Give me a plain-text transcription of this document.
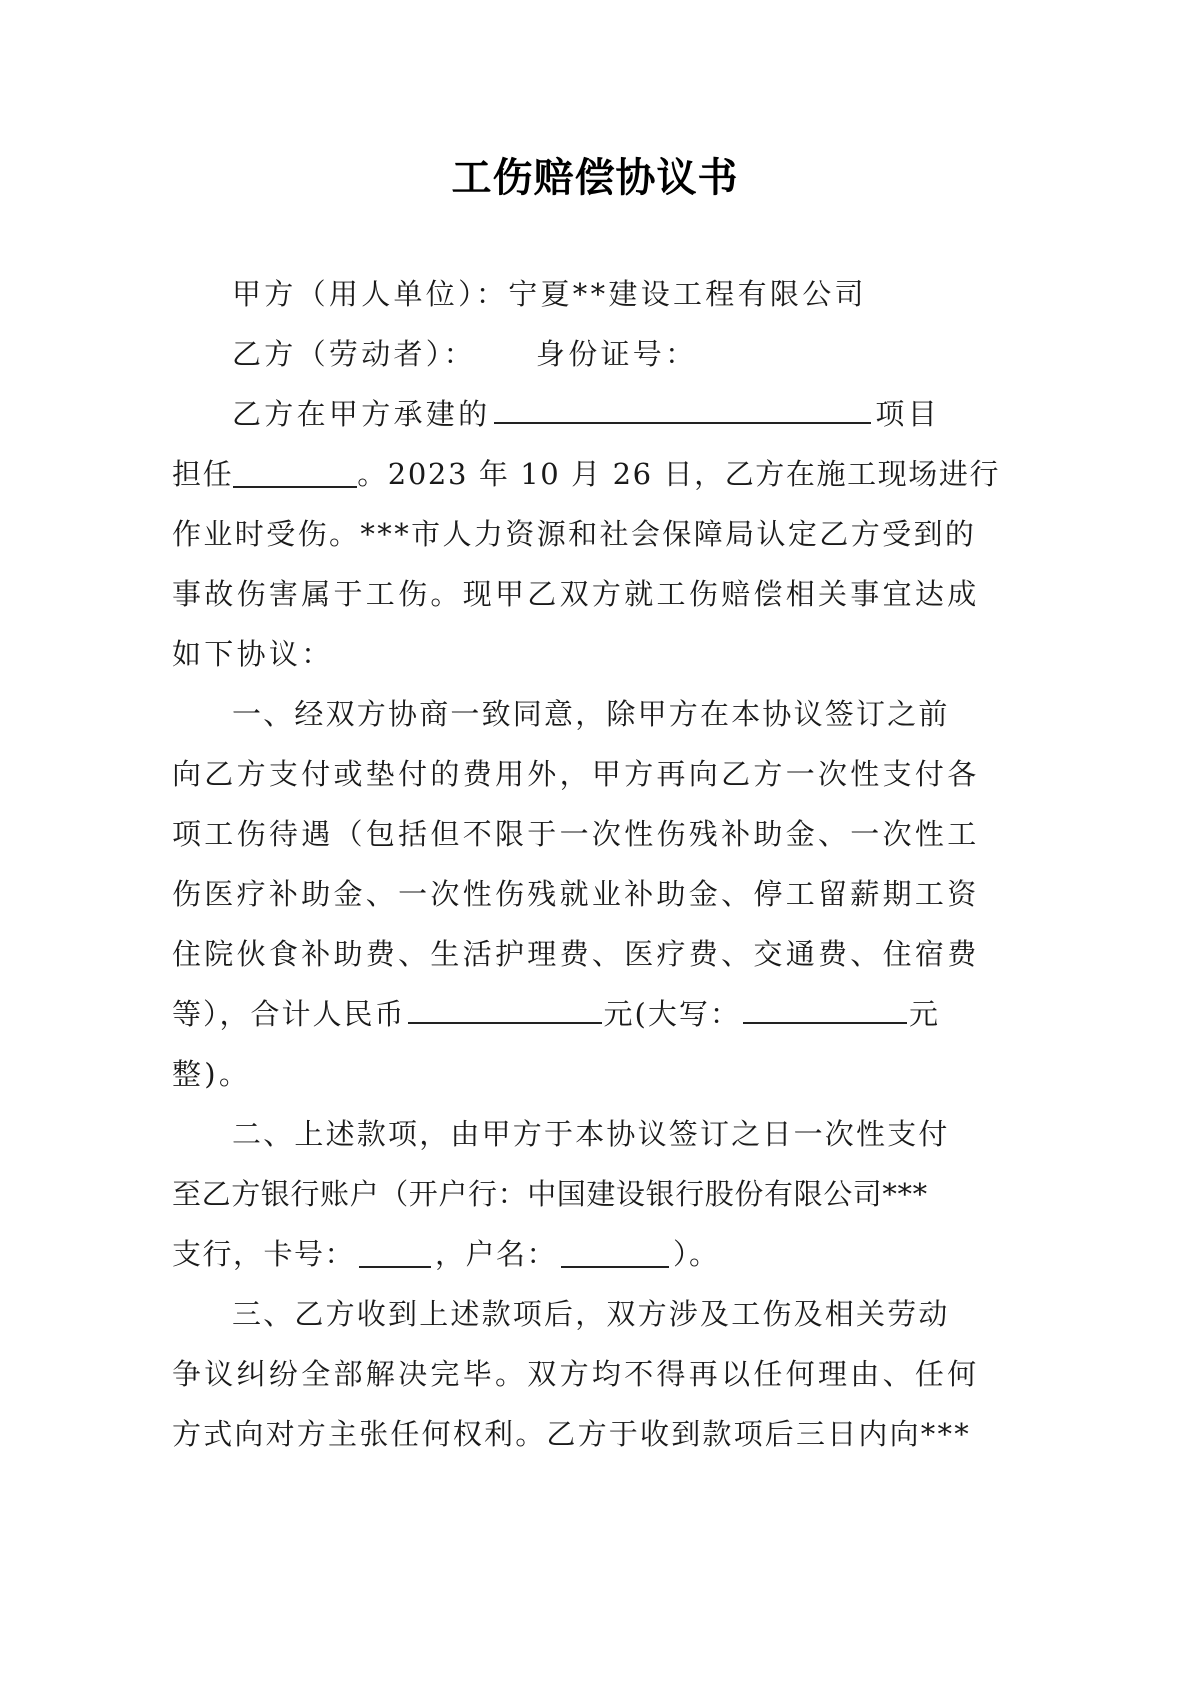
工伤赔偿协议书
甲方（用人单位）：宁夏**建设工程有限公司
乙方（劳动者）： 身份证号：
乙方在甲方承建的	项目
担任	。2023 年 10 月 26 日，乙方在施工现场进行
作业时受伤。***市人力资源和社会保障局认定乙方受到的
事故伤害属于工伤。现甲乙双方就工伤赔偿相关事宜达成
如下协议：
一、经双方协商一致同意，除甲方在本协议签订之前
向乙方支付或垫付的费用外，甲方再向乙方一次性支付各
项工伤待遇（包括但不限于一次性伤残补助金、一次性工
伤医疗补助金、一次性伤残就业补助金、停工留薪期工资
住院伙食补助费、生活护理费、医疗费、交通费、住宿费
等），合计人民币	元(大写：	元
整)。
二、上述款项，由甲方于本协议签订之日一次性支付
至乙方银行账户（开户行：中国建设银行股份有限公司***
支行，卡号：	，户名：	）。
三、乙方收到上述款项后，双方涉及工伤及相关劳动
争议纠纷全部解决完毕。双方均不得再以任何理由、任何
方式向对方主张任何权利。乙方于收到款项后三日内向***
